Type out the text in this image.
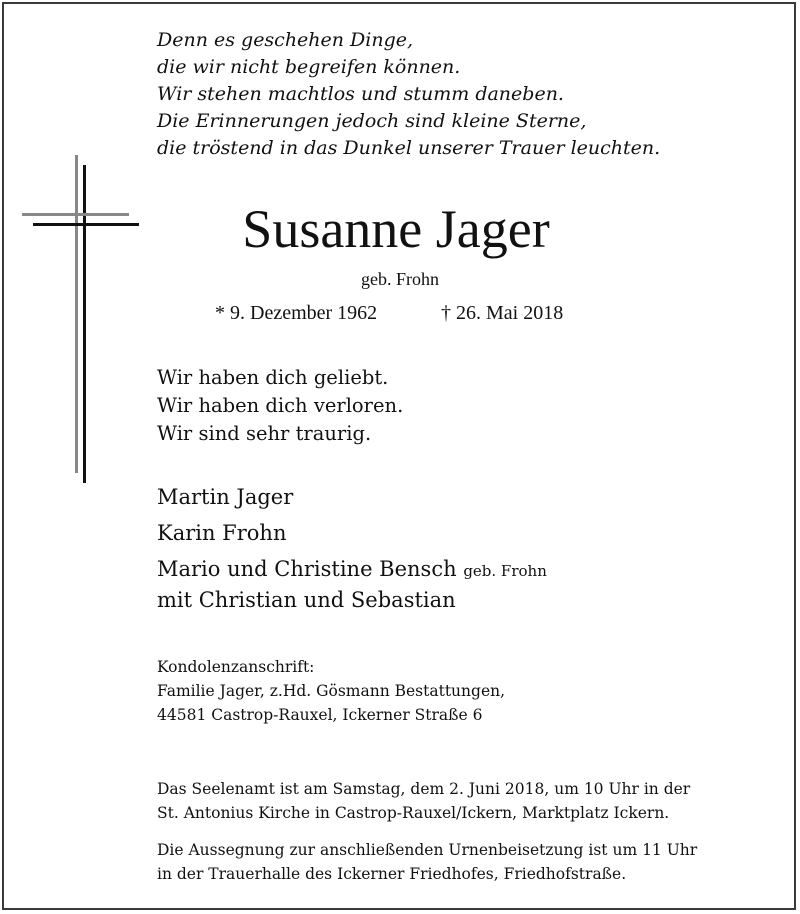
Denn es geschehen Dinge,
die wir nicht begreifen können.
Wir stehen machtlos und stumm daneben.
Die Erinnerungen jedoch sind kleine Sterne,
die tröstend in das Dunkel unserer Trauer leuchten.
Susanne Jager
geb. Frohn
* 9. Dezember 1962	† 26. Mai 2018
Wir haben dich geliebt.
Wir haben dich verloren.
Wir sind sehr traurig.
Martin Jager
Karin Frohn
Mario und Christine Bensch geb. Frohn
mit Christian und Sebastian
Kondolenzanschrift:
Familie Jager, z.Hd. Gösmann Bestattungen,
44581 Castrop-Rauxel, Ickerner Straße 6
Das Seelenamt ist am Samstag, dem 2. Juni 2018, um 10 Uhr in der
St. Antonius Kirche in Castrop-Rauxel/Ickern, Marktplatz Ickern.
Die Aussegnung zur anschließenden Urnenbeisetzung ist um 11 Uhr
in der Trauerhalle des Ickerner Friedhofes, Friedhofstraße.
